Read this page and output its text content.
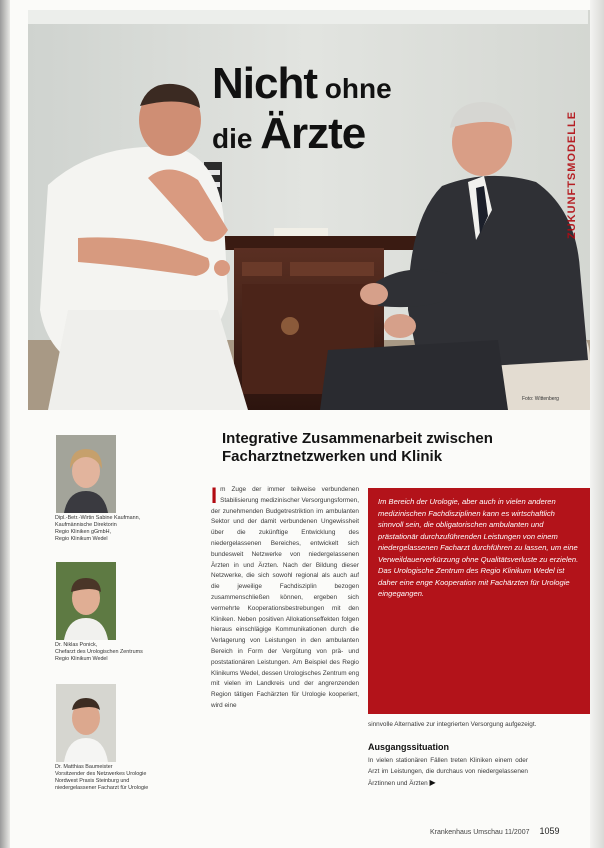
Nicht ohne
die Ärzte	ZUKUNFTSMODELLE
Foto: Wittenberg
Dipl.-Betr.-Wirtin Sabine Kaufmann,
Kaufmännische Direktorin
Regio Kliniken gGmbH,
Regio Klinikum Wedel
Dr. Niklas Ponick,
Chefarzt des Urologischen Zentrums
Regio Klinikum Wedel
Dr. Matthias Baumeister
Vorsitzender des Netzwerkes Urologie
Nordwest Praxis Steinburg und
niedergelassener Facharzt für Urologie
Integrative Zusammenarbeit zwischen Facharztnetzwerken und Klinik
Im Zuge der immer teilweise verbundenen Stabilisierung medizinischer Versorgungsformen, der zunehmenden Budgetrestriktion im ambulanten Sektor und der damit verbundenen Ungewissheit über die zukünftige Entwicklung des niedergelassenen Bereiches, entwickelt sich bundesweit Netzwerke von niedergelassenen Ärzten in und Ärzten. Nach der Bildung dieser Netzwerke, die sich sowohl regional als auch auf die jeweilige Fachdisziplin bezogen zusammenschließen können, ergeben sich vermehrte Kooperationsbestrebungen mit den Kliniken. Neben positiven Allokationseffekten folgen hieraus einschlägige Kommunikationen durch die Verlagerung von Leistungen in den ambulanten Bereich in Form der Vergütung von prä- und poststationären Leistungen. Am Beispiel des Regio Klinikums Wedel, dessen Urologisches Zentrum eng mit vielen im Landkreis und der angrenzenden Region tätigen Fachärzten für Urologie kooperiert, wird eine
Im Bereich der Urologie, aber auch in vielen anderen medizinischen Fachdisziplinen kann es wirtschaftlich sinnvoll sein, die obligatorischen ambulanten und prästationär durchzuführenden Leistungen von einem niedergelassenen Facharzt durchführen zu lassen, um eine Verweildauerverkürzung ohne Qualitätsverluste zu erzielen. Das Urologische Zentrum des Regio Klinikum Wedel ist daher eine enge Kooperation mit Fachärzten für Urologie eingegangen.
sinnvolle Alternative zur integrierten Versorgung aufgezeigt.
Ausgangssituation
In vielen stationären Fällen treten Kliniken einem oder Arzt im Leistungen, die durchaus von niedergelassenen Ärztinnen und Ärzten ▶
Krankenhaus Umschau 11/2007 1059
